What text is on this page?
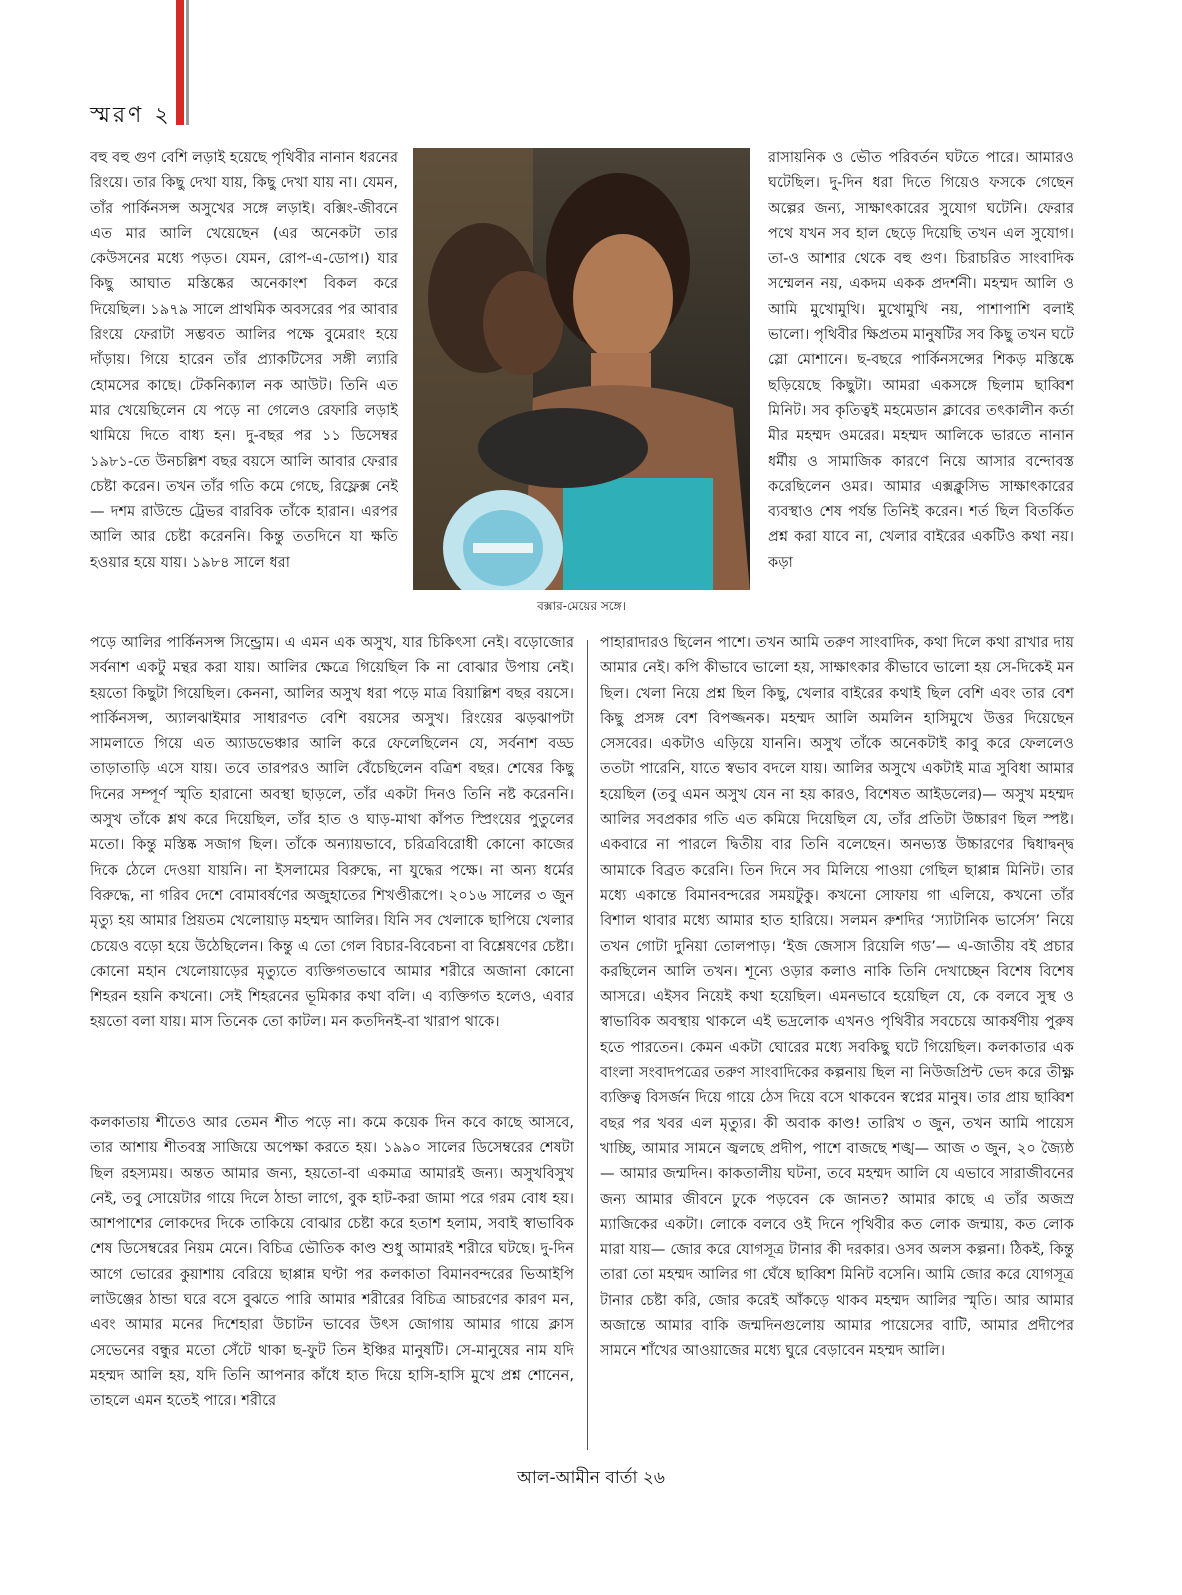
স্মরণ ২

বহু বহু গুণ বেশি লড়াই হয়েছে পৃথিবীর নানান ধরনের রিংয়ে। তার কিছু দেখা যায়, কিছু দেখা যায় না। যেমন, তাঁর পার্কিনসন্স অসুখের সঙ্গে লড়াই। বক্সিং-জীবনে এত মার আলি খেয়েছেন (এর অনেকটা তার কেউসনের মধ্যে পড়ত। যেমন, রোপ-এ-ডোপ।) যার কিছু আঘাত মস্তিষ্কের অনেকাংশ বিকল করে দিয়েছিল। ১৯৭৯ সালে প্রাথমিক অবসরের পর আবার রিংয়ে ফেরাটা সম্ভবত আলির পক্ষে বুমেরাং হয়ে দাঁড়ায়। গিয়ে হারেন তাঁর প্র্যাকটিসের সঙ্গী ল্যারি হোমসের কাছে। টেকনিক্যাল নক আউট। তিনি এত মার খেয়েছিলেন যে পড়ে না গেলেও রেফারি লড়াই থামিয়ে দিতে বাধ্য হন। দু-বছর পর ১১ ডিসেম্বর ১৯৮১-তে উনচল্লিশ বছর বয়সে আলি আবার ফেরার চেষ্টা করেন। তখন তাঁর গতি কমে গেছে, রিফ্লেক্স নেই— দশম রাউন্ডে ট্রেভর বারবিক তাঁকে হারান। এরপর আলি আর চেষ্টা করেননি। কিন্তু ততদিনে যা ক্ষতি হওয়ার হয়ে যায়। ১৯৮৪ সালে ধরা

বক্সার-মেয়ের সঙ্গে।

রাসায়নিক ও ভৌত পরিবর্তন ঘটতে পারে। আমারও ঘটেছিল। দু-দিন ধরা দিতে গিয়েও ফসকে গেছেন অল্পের জন্য, সাক্ষাৎকারের সুযোগ ঘটেনি। ফেরার পথে যখন সব হাল ছেড়ে দিয়েছি তখন এল সুযোগ। তা-ও আশার থেকে বহু গুণ। চিরাচরিত সাংবাদিক সম্মেলন নয়, একদম একক প্রদর্শনী। মহম্মদ আলি ও আমি মুখোমুখি। মুখোমুখি নয়, পাশাপাশি বলাই ভালো। পৃথিবীর ক্ষিপ্রতম মানুষটির সব কিছু তখন ঘটে স্লো মোশানে। ছ-বছরে পার্কিনসন্সের শিকড় মস্তিষ্কে ছড়িয়েছে কিছুটা। আমরা একসঙ্গে ছিলাম ছাব্বিশ মিনিট। সব কৃতিত্বই মহমেডান ক্লাবের তৎকালীন কর্তা মীর মহম্মদ ওমরের। মহম্মদ আলিকে ভারতে নানান ধর্মীয় ও সামাজিক কারণে নিয়ে আসার বন্দোবস্ত করেছিলেন ওমর। আমার এক্সক্লুসিভ সাক্ষাৎকারের ব্যবস্থাও শেষ পর্যন্ত তিনিই করেন। শর্ত ছিল বিতর্কিত প্রশ্ন করা যাবে না, খেলার বাইরের একটিও কথা নয়। কড়া

পড়ে আলির পার্কিনসন্স সিন্ড্রোম। এ এমন এক অসুখ, যার চিকিৎসা নেই। বড়োজোর সর্বনাশ একটু মন্থর করা যায়। আলির ক্ষেত্রে গিয়েছিল কি না বোঝার উপায় নেই। হয়তো কিছুটা গিয়েছিল। কেননা, আলির অসুখ ধরা পড়ে মাত্র বিয়াল্লিশ বছর বয়সে। পার্কিনসন্স, অ্যালঝাইমার সাধারণত বেশি বয়সের অসুখ। রিংয়ের ঝড়ঝাপটা সামলাতে গিয়ে এত অ্যাডভেঞ্চার আলি করে ফেলেছিলেন যে, সর্বনাশ বড্ড তাড়াতাড়ি এসে যায়। তবে তারপরও আলি বেঁচেছিলেন বত্রিশ বছর। শেষের কিছু দিনের সম্পূর্ণ স্মৃতি হারানো অবস্থা ছাড়লে, তাঁর একটা দিনও তিনি নষ্ট করেননি। অসুখ তাঁকে শ্লথ করে দিয়েছিল, তাঁর হাত ও ঘাড়-মাথা কাঁপত স্প্রিংয়ের পুতুলের মতো। কিন্তু মস্তিষ্ক সজাগ ছিল। তাঁকে অন্যায়ভাবে, চরিত্রবিরোধী কোনো কাজের দিকে ঠেলে দেওয়া যায়নি। না ইসলামের বিরুদ্ধে, না যুদ্ধের পক্ষে। না অন্য ধর্মের বিরুদ্ধে, না গরিব দেশে বোমাবর্ষণের অজুহাতের শিখণ্ডীরূপে। ২০১৬ সালের ৩ জুন মৃত্যু হয় আমার প্রিয়তম খেলোয়াড় মহম্মদ আলির। যিনি সব খেলাকে ছাপিয়ে খেলার চেয়েও বড়ো হয়ে উঠেছিলেন। কিন্তু এ তো গেল বিচার-বিবেচনা বা বিশ্লেষণের চেষ্টা। কোনো মহান খেলোয়াড়ের মৃত্যুতে ব্যক্তিগতভাবে আমার শরীরে অজানা কোনো শিহরন হয়নি কখনো। সেই শিহরনের ভূমিকার কথা বলি। এ ব্যক্তিগত হলেও, এবার হয়তো বলা যায়। মাস তিনেক তো কাটল। মন কতদিনই-বা খারাপ থাকে।

কলকাতায় শীতেও আর তেমন শীত পড়ে না। কমে কয়েক দিন কবে কাছে আসবে, তার আশায় শীতবস্ত্র সাজিয়ে অপেক্ষা করতে হয়। ১৯৯০ সালের ডিসেম্বরের শেষটা ছিল রহস্যময়। অন্তত আমার জন্য, হয়তো-বা একমাত্র আমারই জন্য। অসুখবিসুখ নেই, তবু সোয়েটার গায়ে দিলে ঠান্ডা লাগে, বুক হাট-করা জামা পরে গরম বোধ হয়। আশপাশের লোকদের দিকে তাকিয়ে বোঝার চেষ্টা করে হতাশ হলাম, সবাই স্বাভাবিক শেষ ডিসেম্বরের নিয়ম মেনে। বিচিত্র ভৌতিক কাণ্ড শুধু আমারই শরীরে ঘটছে। দু-দিন আগে ভোরের কুয়াশায় বেরিয়ে ছাপ্পান্ন ঘণ্টা পর কলকাতা বিমানবন্দরের ভিআইপি লাউঞ্জের ঠান্ডা ঘরে বসে বুঝতে পারি আমার শরীরের বিচিত্র আচরণের কারণ মন, এবং আমার মনের দিশেহারা উচাটন ভাবের উৎস জোগায় আমার গায়ে ক্লাস সেভেনের বন্ধুর মতো সেঁটে থাকা ছ-ফুট তিন ইঞ্চির মানুষটি। সে-মানুষের নাম যদি মহম্মদ আলি হয়, যদি তিনি আপনার কাঁধে হাত দিয়ে হাসি-হাসি মুখে প্রশ্ন শোনেন, তাহলে এমন হতেই পারে। শরীরে

পাহারাদারও ছিলেন পাশে। তখন আমি তরুণ সাংবাদিক, কথা দিলে কথা রাখার দায় আমার নেই। কপি কীভাবে ভালো হয়, সাক্ষাৎকার কীভাবে ভালো হয় সে-দিকেই মন ছিল। খেলা নিয়ে প্রশ্ন ছিল কিছু, খেলার বাইরের কথাই ছিল বেশি এবং তার বেশ কিছু প্রসঙ্গ বেশ বিপজ্জনক। মহম্মদ আলি অমলিন হাসিমুখে উত্তর দিয়েছেন সেসবের। একটাও এড়িয়ে যাননি। অসুখ তাঁকে অনেকটাই কাবু করে ফেললেও ততটা পারেনি, যাতে স্বভাব বদলে যায়। আলির অসুখে একটাই মাত্র সুবিধা আমার হয়েছিল (তবু এমন অসুখ যেন না হয় কারও, বিশেষত আইডলের)— অসুখ মহম্মদ আলির সবপ্রকার গতি এত কমিয়ে দিয়েছিল যে, তাঁর প্রতিটা উচ্চারণ ছিল স্পষ্ট। একবারে না পারলে দ্বিতীয় বার তিনি বলেছেন। অনভ্যস্ত উচ্চারণের দ্বিধাদ্বন্দ্ব আমাকে বিব্রত করেনি। তিন দিনে সব মিলিয়ে পাওয়া গেছিল ছাপ্পান্ন মিনিট। তার মধ্যে একান্তে বিমানবন্দরের সময়টুকু। কখনো সোফায় গা এলিয়ে, কখনো তাঁর বিশাল থাবার মধ্যে আমার হাত হারিয়ে। সলমন রুশদির ‘স্যাটানিক ভার্সেস’ নিয়ে তখন গোটা দুনিয়া তোলপাড়। ‘ইজ জেসাস রিয়েলি গড’— এ-জাতীয় বই প্রচার করছিলেন আলি তখন। শূন্যে ওড়ার কলাও নাকি তিনি দেখাচ্ছেন বিশেষ বিশেষ আসরে। এইসব নিয়েই কথা হয়েছিল। এমনভাবে হয়েছিল যে, কে বলবে সুস্থ ও স্বাভাবিক অবস্থায় থাকলে এই ভদ্রলোক এখনও পৃথিবীর সবচেয়ে আকর্ষণীয় পুরুষ হতে পারতেন। কেমন একটা ঘোরের মধ্যে সবকিছু ঘটে গিয়েছিল। কলকাতার এক বাংলা সংবাদপত্রের তরুণ সাংবাদিকের কল্পনায় ছিল না নিউজপ্রিন্ট ভেদ করে তীক্ষ্ণ ব্যক্তিত্ব বিসর্জন দিয়ে গায়ে ঠেস দিয়ে বসে থাকবেন স্বপ্নের মানুষ। তার প্রায় ছাব্বিশ বছর পর খবর এল মৃত্যুর। কী অবাক কাণ্ড! তারিখ ৩ জুন, তখন আমি পায়েস খাচ্ছি, আমার সামনে জ্বলছে প্রদীপ, পাশে বাজছে শঙ্খ— আজ ৩ জুন, ২০ জ্যৈষ্ঠ— আমার জন্মদিন। কাকতালীয় ঘটনা, তবে মহম্মদ আলি যে এভাবে সারাজীবনের জন্য আমার জীবনে ঢুকে পড়বেন কে জানত? আমার কাছে এ তাঁর অজস্র ম্যাজিকের একটা। লোকে বলবে ওই দিনে পৃথিবীর কত লোক জন্মায়, কত লোক মারা যায়— জোর করে যোগসূত্র টানার কী দরকার। ওসব অলস কল্পনা। ঠিকই, কিন্তু তারা তো মহম্মদ আলির গা ঘেঁষে ছাব্বিশ মিনিট বসেনি। আমি জোর করে যোগসূত্র টানার চেষ্টা করি, জোর করেই আঁকড়ে থাকব মহম্মদ আলির স্মৃতি। আর আমার অজান্তে আমার বাকি জন্মদিনগুলোয় আমার পায়েসের বাটি, আমার প্রদীপের সামনে শাঁখের আওয়াজের মধ্যে ঘুরে বেড়াবেন মহম্মদ আলি।

আল-আমীন বার্তা ২৬
